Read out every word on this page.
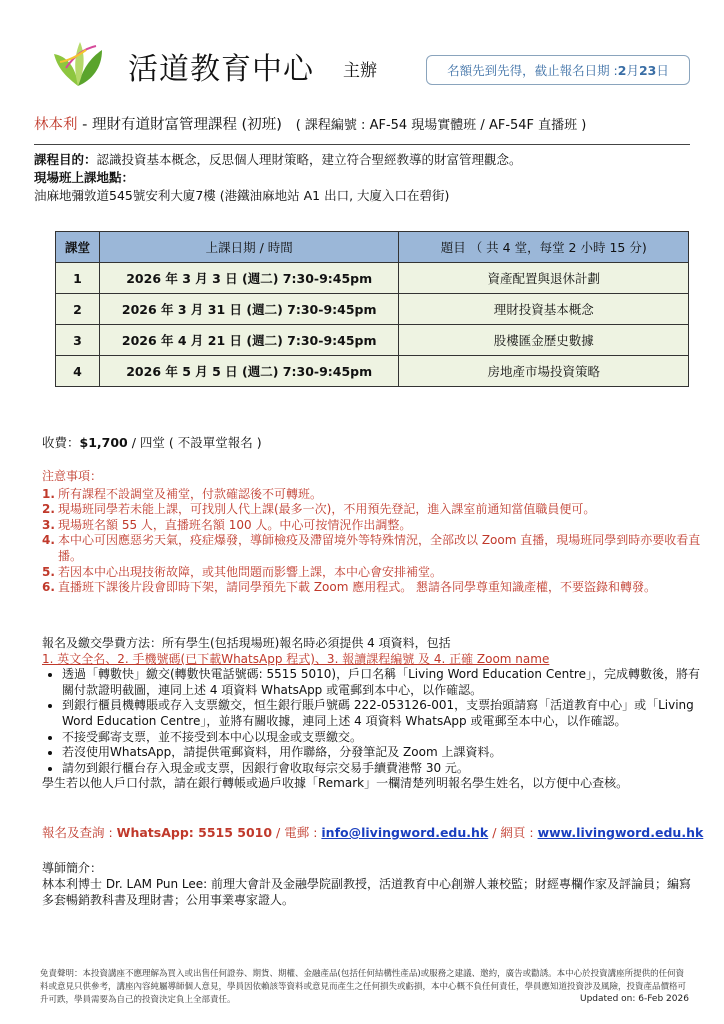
活道教育中心 主辦	名額先到先得，截止報名日期 : 2 月 23 日
林本利 - 理財有道財富管理課程 (初班) ( 課程編號 : AF-54 現場實體班 / AF-54F 直播班 )
課程目的：認識投資基本概念，反思個人理財策略，建立符合聖經教導的財富管理觀念。
現場班上課地點：
油麻地彌敦道545號安利大廈7樓 (港鐵油麻地站 A1 出口, 大廈入口在碧街)
課堂	上課日期 / 時間	題目 （ 共 4 堂，每堂 2 小時 15 分)
1	2026 年 3 月 3 日 (週二) 7:30-9:45pm	資產配置與退休計劃
2	2026 年 3 月 31 日 (週二) 7:30-9:45pm	理財投資基本概念
3	2026 年 4 月 21 日 (週二) 7:30-9:45pm	股樓匯金歷史數據
4	2026 年 5 月 5 日 (週二) 7:30-9:45pm	房地產市場投資策略
收費：$1,700 / 四堂 ( 不設單堂報名 )
注意事項：
1. 所有課程不設調堂及補堂，付款確認後不可轉班。
2. 現場班同學若未能上課，可找別人代上課(最多一次)，不用預先登記，進入課室前通知當值職員便可。
3. 現場班名額 55 人，直播班名額 100 人。中心可按情況作出調整。
4. 本中心可因應惡劣天氣，疫症爆發，導師檢疫及滯留境外等特殊情況，全部改以 Zoom 直播，現場班同學到時亦要收看直播。
5. 若因本中心出現技術故障，或其他問題而影響上課，本中心會安排補堂。
6. 直播班下課後片段會即時下架，請同學預先下載 Zoom 應用程式。 懇請各同學尊重知識產權，不要盜錄和轉發。
報名及繳交學費方法：所有學生(包括現場班)報名時必須提供 4 項資料，包括
1. 英文全名、2. 手機號碼(已下載WhatsApp 程式)、3. 報讀課程編號 及 4. 正確 Zoom name
• 透過「轉數快」繳交(轉數快電話號碼: 5515 5010)，戶口名稱「Living Word Education Centre」，完成轉數後，將有關付款證明截圖，連同上述 4 項資料 WhatsApp 或電郵到本中心，以作確認。
• 到銀行櫃員機轉賬或存入支票繳交，恒生銀行賬戶號碼 222-053126-001，支票抬頭請寫「活道教育中心」或「Living Word Education Centre」，並將有關收據，連同上述 4 項資料 WhatsApp 或電郵至本中心，以作確認。
• 不接受郵寄支票，並不接受到本中心以現金或支票繳交。
• 若沒使用WhatsApp，請提供電郵資料，用作聯絡，分發筆記及 Zoom 上課資料。
• 請勿到銀行櫃台存入現金或支票，因銀行會收取每宗交易手續費港幣 30 元。
學生若以他人戶口付款，請在銀行轉帳或過戶收據「Remark」一欄清楚列明報名學生姓名，以方便中心查核。
報名及查詢 : WhatsApp: 5515 5010 / 電郵 : info@livingword.edu.hk / 網頁 : www.livingword.edu.hk
導師簡介：
林本利博士 Dr. LAM Pun Lee: 前理大會計及金融學院副教授，活道教育中心創辦人兼校監；財經專欄作家及評論員；編寫多套暢銷教科書及理財書；公用事業專家證人。
免責聲明：本投資講座不應理解為買入或出售任何證券、期貨、期權、金融產品(包括任何結構性產品)或服務之建議、邀約，廣告或勸誘。本中心於投資講座所提供的任何資料或意見只供參考，講座內容純屬導師個人意見，學員因依賴該等資料或意見而產生之任何損失或虧損，本中心概不負任何責任，學員應知道投資涉及風險，投資產品價格可升可跌，學員需要為自己的投資決定負上全部責任。	Updated on: 6-Feb 2026
